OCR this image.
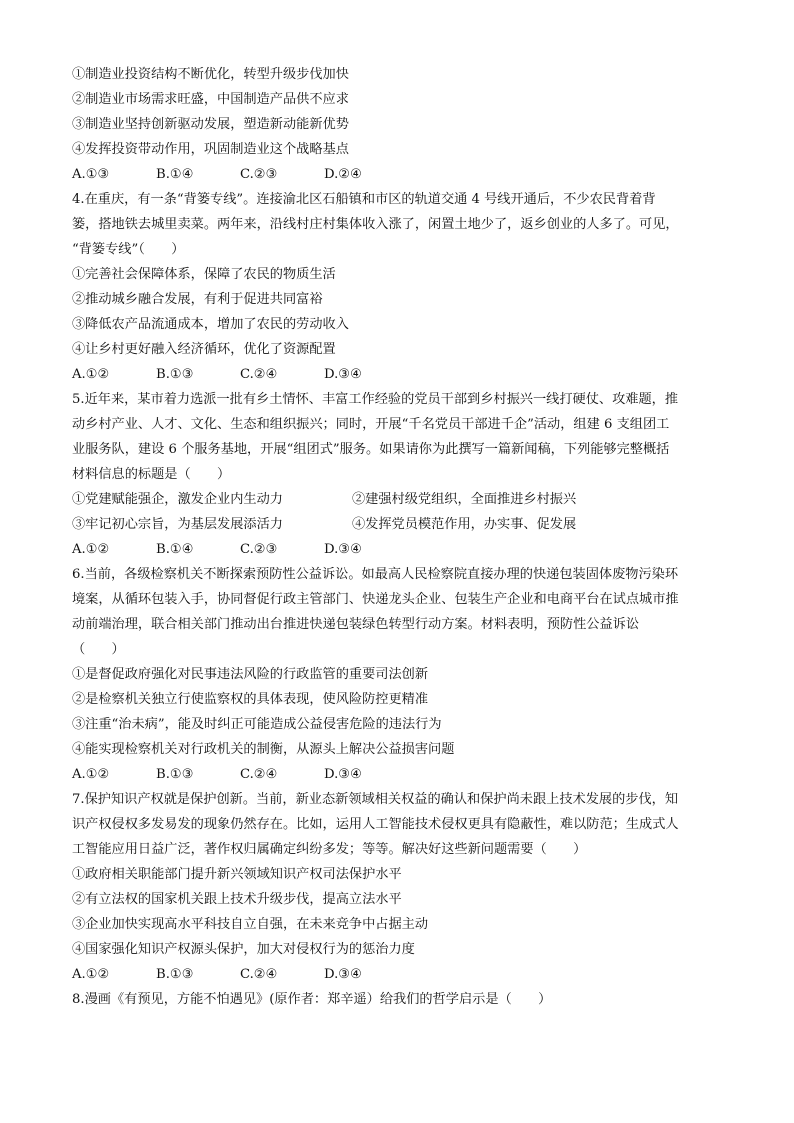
①制造业投资结构不断优化，转型升级步伐加快

②制造业市场需求旺盛，中国制造产品供不应求

③制造业坚持创新驱动发展，塑造新动能新优势

④发挥投资带动作用，巩固制造业这个战略基点

A.①③	B.①④	C.②③	D.②④

4.在重庆，有一条“背篓专线”。连接渝北区石船镇和市区的轨道交通 4 号线开通后，不少农民背着背

篓，搭地铁去城里卖菜。两年来，沿线村庄村集体收入涨了，闲置土地少了，返乡创业的人多了。可见，

“背篓专线”（　　）

①完善社会保障体系，保障了农民的物质生活

②推动城乡融合发展，有利于促进共同富裕

③降低农产品流通成本，增加了农民的劳动收入

④让乡村更好融入经济循环，优化了资源配置

A.①②	B.①③	C.②④	D.③④

5.近年来，某市着力选派一批有乡土情怀、丰富工作经验的党员干部到乡村振兴一线打硬仗、攻难题，推

动乡村产业、人才、文化、生态和组织振兴；同时，开展“千名党员干部进千企”活动，组建 6 支组团工

业服务队，建设 6 个服务基地，开展“组团式”服务。如果请你为此撰写一篇新闻稿，下列能够完整概括

材料信息的标题是（　　）

①党建赋能强企，激发企业内生动力	②建强村级党组织，全面推进乡村振兴
③牢记初心宗旨，为基层发展添活力	④发挥党员模范作用，办实事、促发展
A.①②	B.①④	C.②③	D.③④

6.当前，各级检察机关不断探索预防性公益诉讼。如最高人民检察院直接办理的快递包装固体废物污染环

境案，从循环包装入手，协同督促行政主管部门、快递龙头企业、包装生产企业和电商平台在试点城市推

动前端治理，联合相关部门推动出台推进快递包装绿色转型行动方案。材料表明，预防性公益诉讼

（　　）

①是督促政府强化对民事违法风险的行政监管的重要司法创新

②是检察机关独立行使监察权的具体表现，使风险防控更精准

③注重“治未病”，能及时纠正可能造成公益侵害危险的违法行为

④能实现检察机关对行政机关的制衡，从源头上解决公益损害问题

A.①②	B.①③	C.②④	D.③④

7.保护知识产权就是保护创新。当前，新业态新领域相关权益的确认和保护尚未跟上技术发展的步伐，知

识产权侵权多发易发的现象仍然存在。比如，运用人工智能技术侵权更具有隐蔽性，难以防范；生成式人

工智能应用日益广泛，著作权归属确定纠纷多发；等等。解决好这些新问题需要（　　）

①政府相关职能部门提升新兴领域知识产权司法保护水平

②有立法权的国家机关跟上技术升级步伐，提高立法水平

③企业加快实现高水平科技自立自强，在未来竞争中占据主动

④国家强化知识产权源头保护，加大对侵权行为的惩治力度

A.①②	B.①③	C.②④	D.③④

8.漫画《有预见，方能不怕遇见》(原作者：郑辛遥）给我们的哲学启示是（　　）
